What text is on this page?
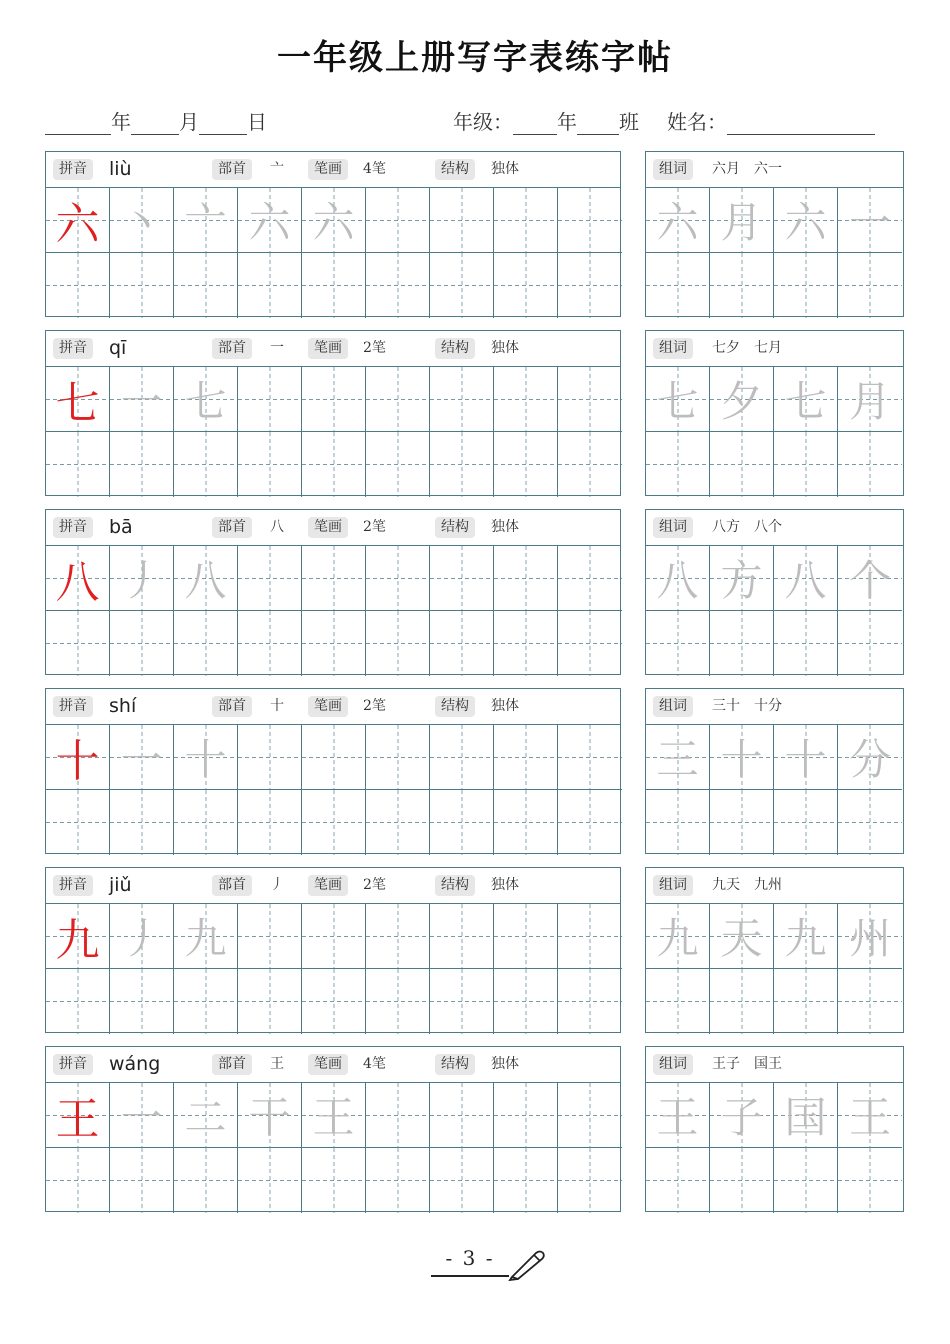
一年级上册写字表练字帖
年 月 日	年级： 年 班 姓名：
拼音	liù	部首	亠	笔画	4笔	结构	独体
六 丶 亠 六 六
组词	六月　六一
六 月 六 一
拼音	qī	部首	一	笔画	2笔	结构	独体
七 一 七
组词	七夕　七月
七 夕 七 月
拼音	bā	部首	八	笔画	2笔	结构	独体
八 丿 八
组词	八方　八个
八 方 八 个
拼音	shí	部首	十	笔画	2笔	结构	独体
十 一 十
组词	三十　十分
三 十 十 分
拼音	jiǔ	部首	丿	笔画	2笔	结构	独体
九 丿 九
组词	九天　九州
九 天 九 州
拼音	wáng	部首	王	笔画	4笔	结构	独体
王 一 二 干 王
组词	王子　国王
王 子 国 王
- 3 -
